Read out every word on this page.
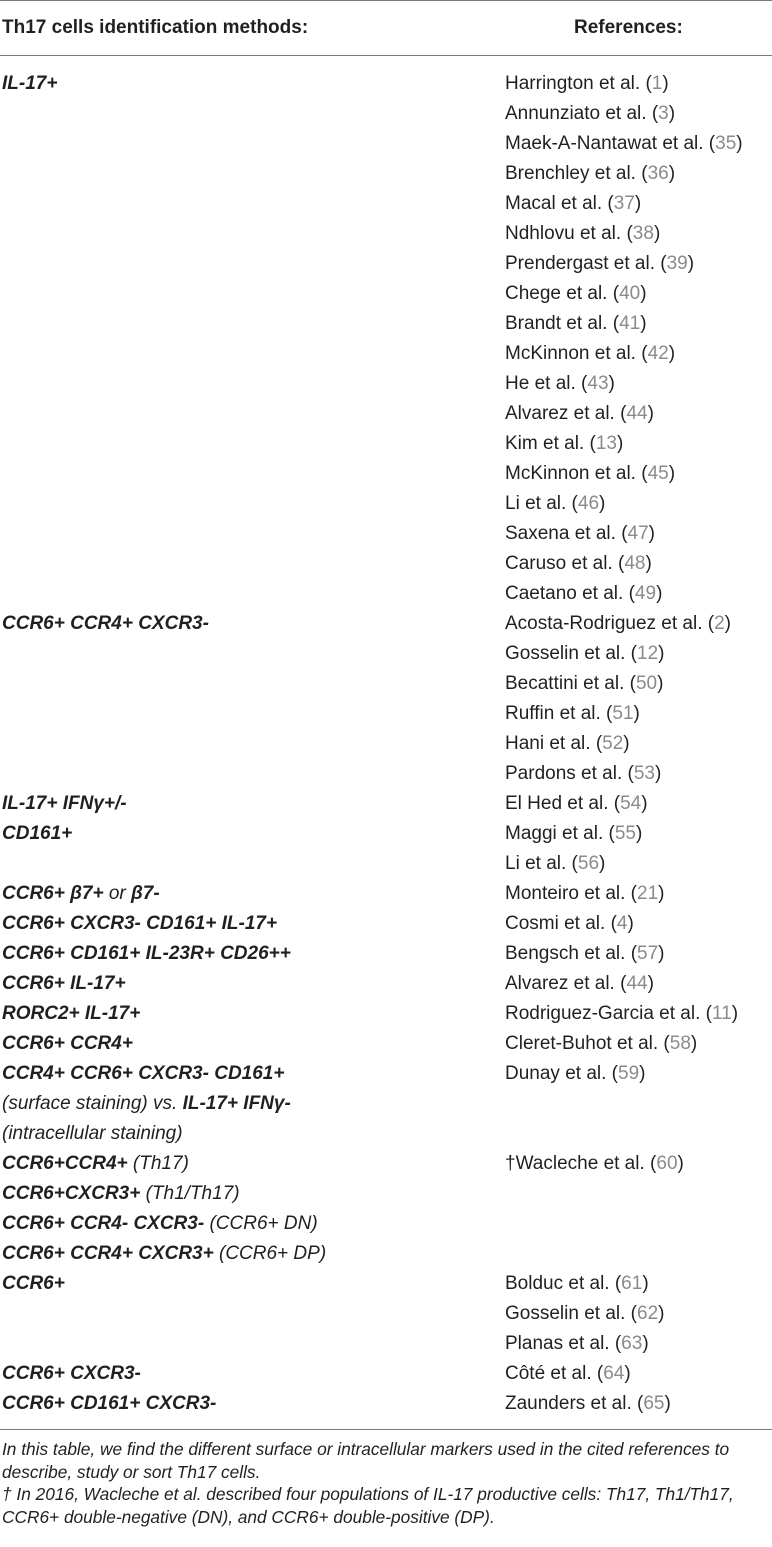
Th17 cells identification methods:	References:
IL-17+	Harrington et al. (1)
Annunziato et al. (3)
Maek-A-Nantawat et al. (35)
Brenchley et al. (36)
Macal et al. (37)
Ndhlovu et al. (38)
Prendergast et al. (39)
Chege et al. (40)
Brandt et al. (41)
McKinnon et al. (42)
He et al. (43)
Alvarez et al. (44)
Kim et al. (13)
McKinnon et al. (45)
Li et al. (46)
Saxena et al. (47)
Caruso et al. (48)
Caetano et al. (49)
CCR6+ CCR4+ CXCR3-	Acosta-Rodriguez et al. (2)
Gosselin et al. (12)
Becattini et al. (50)
Ruffin et al. (51)
Hani et al. (52)
Pardons et al. (53)
IL-17+ IFNγ+/-	El Hed et al. (54)
CD161+	Maggi et al. (55)
Li et al. (56)
CCR6+ β7+ or β7-	Monteiro et al. (21)
CCR6+ CXCR3- CD161+ IL-17+	Cosmi et al. (4)
CCR6+ CD161+ IL-23R+ CD26++	Bengsch et al. (57)
CCR6+ IL-17+	Alvarez et al. (44)
RORC2+ IL-17+	Rodriguez-Garcia et al. (11)
CCR6+ CCR4+	Cleret-Buhot et al. (58)
CCR4+ CCR6+ CXCR3- CD161+	Dunay et al. (59)
(surface staining) vs. IL-17+ IFNγ-
(intracellular staining)
CCR6+CCR4+ (Th17)	†Wacleche et al. (60)
CCR6+CXCR3+ (Th1/Th17)
CCR6+ CCR4- CXCR3- (CCR6+ DN)
CCR6+ CCR4+ CXCR3+ (CCR6+ DP)
CCR6+	Bolduc et al. (61)
Gosselin et al. (62)
Planas et al. (63)
CCR6+ CXCR3-	Côté et al. (64)
CCR6+ CD161+ CXCR3-	Zaunders et al. (65)
In this table, we find the different surface or intracellular markers used in the cited references to describe, study or sort Th17 cells.
† In 2016, Wacleche et al. described four populations of IL-17 productive cells: Th17, Th1/Th17, CCR6+ double-negative (DN), and CCR6+ double-positive (DP).
